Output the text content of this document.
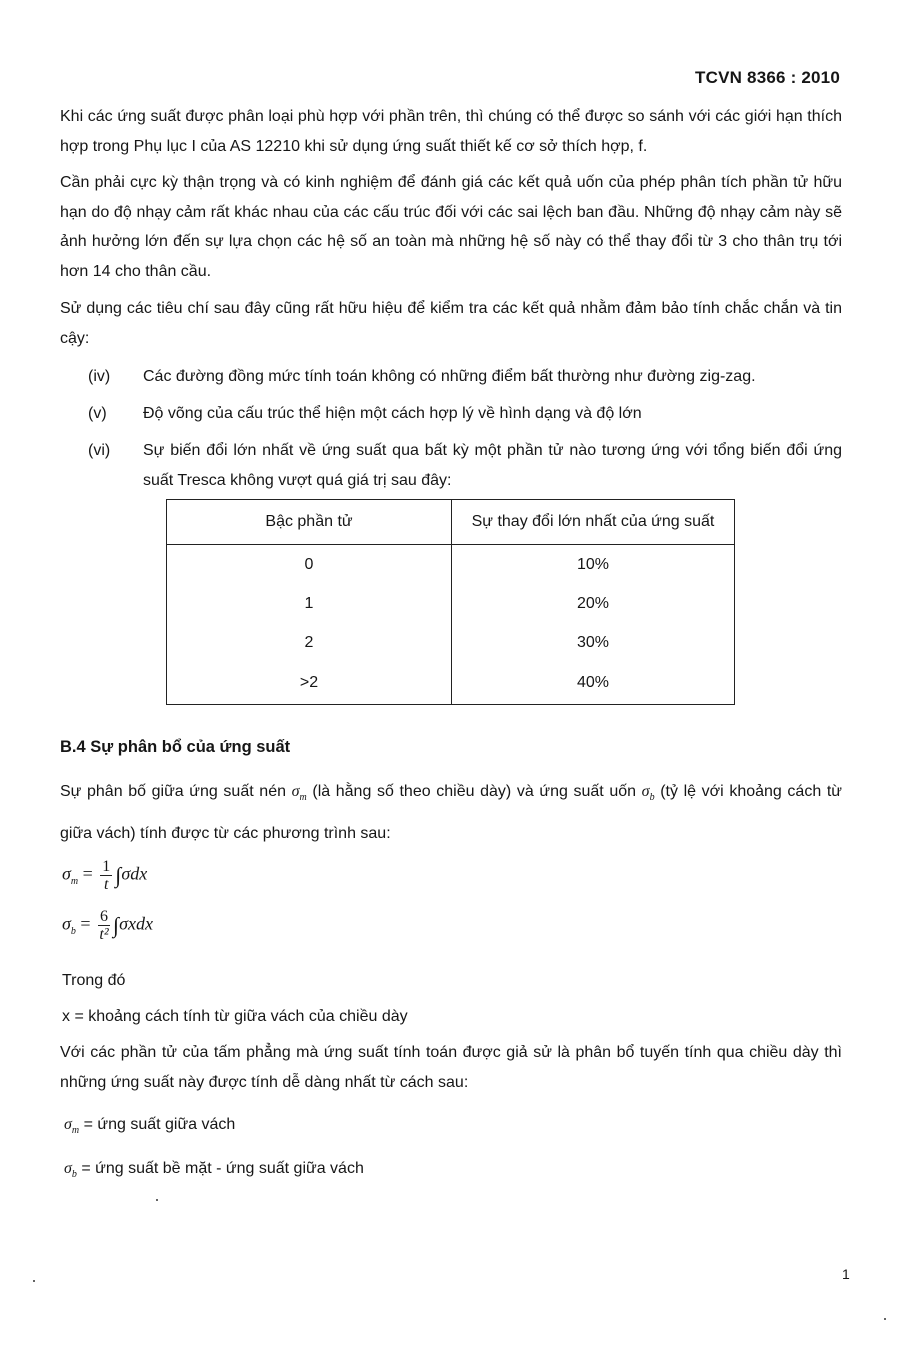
TCVN 8366 : 2010
Khi các ứng suất được phân loại phù hợp với phần trên, thì chúng có thể được so sánh với các giới hạn thích hợp trong Phụ lục I của AS 12210 khi sử dụng ứng suất thiết kế cơ sở thích hợp, f.
Cần phải cực kỳ thận trọng và có kinh nghiệm để đánh giá các kết quả uốn của phép phân tích phần tử hữu hạn do độ nhạy cảm rất khác nhau của các cấu trúc đối với các sai lệch ban đầu. Những độ nhạy cảm này sẽ ảnh hưởng lớn đến sự lựa chọn các hệ số an toàn mà những hệ số này có thể thay đổi từ 3 cho thân trụ tới hơn 14 cho thân cầu.
Sử dụng các tiêu chí sau đây cũng rất hữu hiệu để kiểm tra các kết quả nhằm đảm bảo tính chắc chắn và tin cậy:
(iv) Các đường đồng mức tính toán không có những điểm bất thường như đường zig-zag.
(v) Độ võng của cấu trúc thể hiện một cách hợp lý về hình dạng và độ lớn
(vi) Sự biến đổi lớn nhất về ứng suất qua bất kỳ một phần tử nào tương ứng với tổng biến đổi ứng suất Tresca không vượt quá giá trị sau đây:
Bậc phần tử	Sự thay đổi lớn nhất của ứng suất
0	10%
1	20%
2	30%
>2	40%
B.4 Sự phân bổ của ứng suất
Sự phân bố giữa ứng suất nén $\sigma_m$ (là hằng số theo chiều dày) và ứng suất uốn $\sigma_b$ (tỷ lệ với khoảng cách từ giữa vách) tính được từ các phương trình sau:
$\sigma_m = \frac{1}{t} \int\sigma dx$
$\sigma_b = \frac{6}{\text{t²}} \int\sigma xdx$
Trong đó
x = khoảng cách tính từ giữa vách của chiều dày
Với các phần tử của tấm phẳng mà ứng suất tính toán được giả sử là phân bổ tuyến tính qua chiều dày thì những ứng suất này được tính dễ dàng nhất từ cách sau:
$\sigma_m$ = ứng suất giữa vách
$\sigma_b$ = ứng suất bề mặt - ứng suất giữa vách
1
